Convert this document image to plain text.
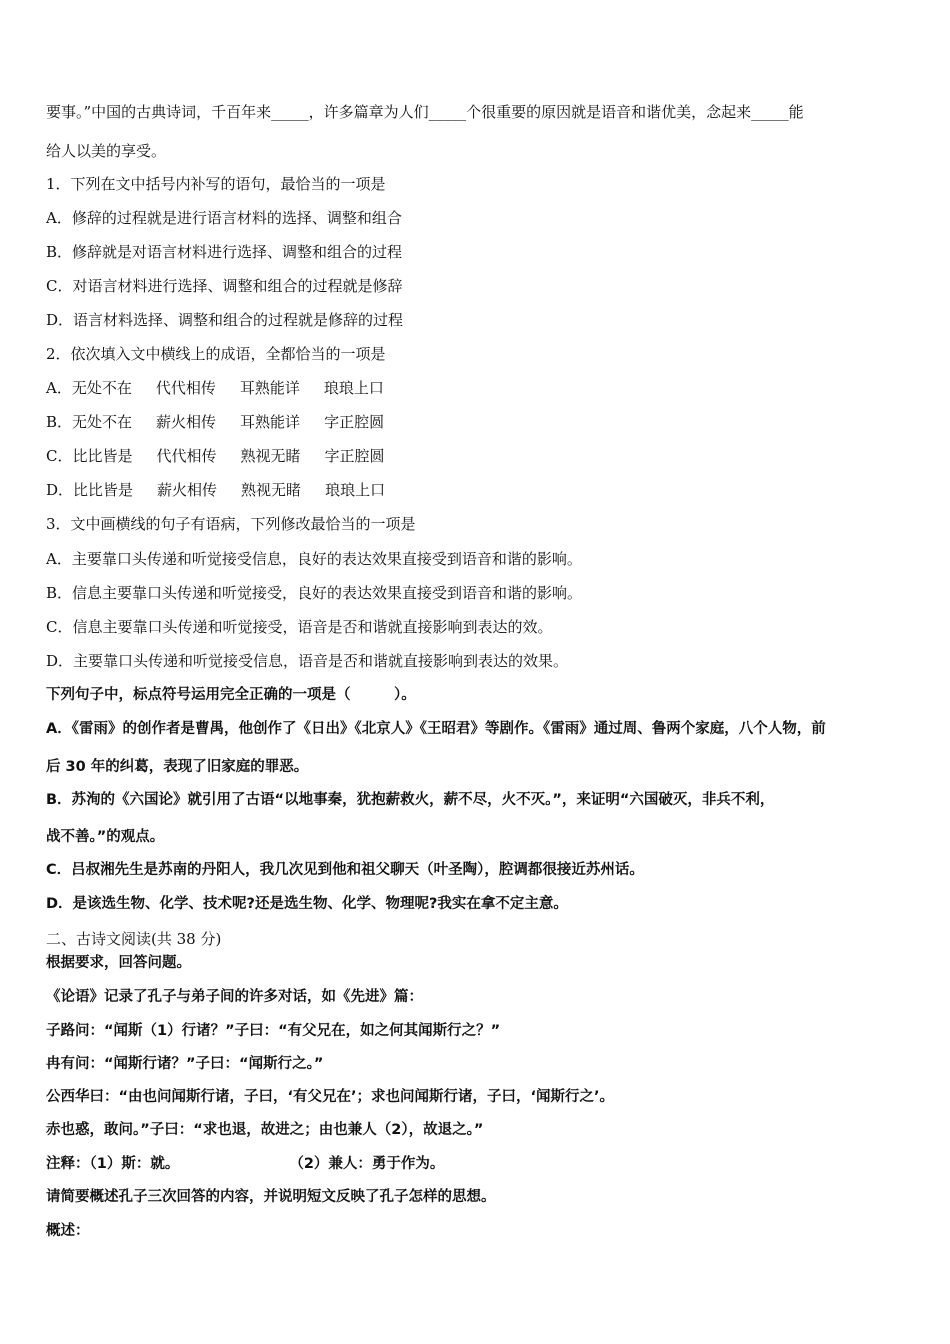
要事。”中国的古典诗词，千百年来_____，许多篇章为人们_____个很重要的原因就是语音和谐优美，念起来_____能
给人以美的享受。
1．下列在文中括号内补写的语句，最恰当的一项是
A．修辞的过程就是进行语言材料的选择、调整和组合
B．修辞就是对语言材料进行选择、调整和组合的过程
C．对语言材料进行选择、调整和组合的过程就是修辞
D．语言材料选择、调整和组合的过程就是修辞的过程
2．依次填入文中横线上的成语，全都恰当的一项是
A．无处不在 代代相传 耳熟能详 琅琅上口
B．无处不在 薪火相传 耳熟能详 字正腔圆
C．比比皆是 代代相传 熟视无睹 字正腔圆
D．比比皆是 薪火相传 熟视无睹 琅琅上口
3．文中画横线的句子有语病，下列修改最恰当的一项是
A．主要靠口头传递和听觉接受信息，良好的表达效果直接受到语音和谐的影响。
B．信息主要靠口头传递和听觉接受，良好的表达效果直接受到语音和谐的影响。
C．信息主要靠口头传递和听觉接受，语音是否和谐就直接影响到表达的效。
D．主要靠口头传递和听觉接受信息，语音是否和谐就直接影响到表达的效果。
下列句子中，标点符号运用完全正确的一项是（　　　）。
A．《雷雨》的创作者是曹禺，他创作了《日出》《北京人》《王昭君》等剧作。《雷雨》通过周、鲁两个家庭，八个人物，前
后 30 年的纠葛，表现了旧家庭的罪恶。
B．苏洵的《六国论》就引用了古语“以地事秦，犹抱薪救火，薪不尽，火不灭。”，来证明“六国破灭，非兵不利，
战不善。”的观点。
C．吕叔湘先生是苏南的丹阳人，我几次见到他和祖父聊天（叶圣陶），腔调都很接近苏州话。
D．是该选生物、化学、技术呢?还是选生物、化学、物理呢?我实在拿不定主意。
二、古诗文阅读(共 38 分)
根据要求，回答问题。
《论语》记录了孔子与弟子间的许多对话，如《先进》篇：
子路问：“闻斯（1）行诸？”子曰：“有父兄在，如之何其闻斯行之？”
冉有问：“闻斯行诸？”子曰：“闻斯行之。”
公西华曰：“由也问闻斯行诸，子曰，‘有父兄在’；求也问闻斯行诸，子曰，‘闻斯行之’。
赤也惑，敢问。”子曰：“求也退，故进之；由也兼人（2），故退之。”
注释：（1）斯：就。	（2）兼人：勇于作为。
请简要概述孔子三次回答的内容，并说明短文反映了孔子怎样的思想。
概述：
